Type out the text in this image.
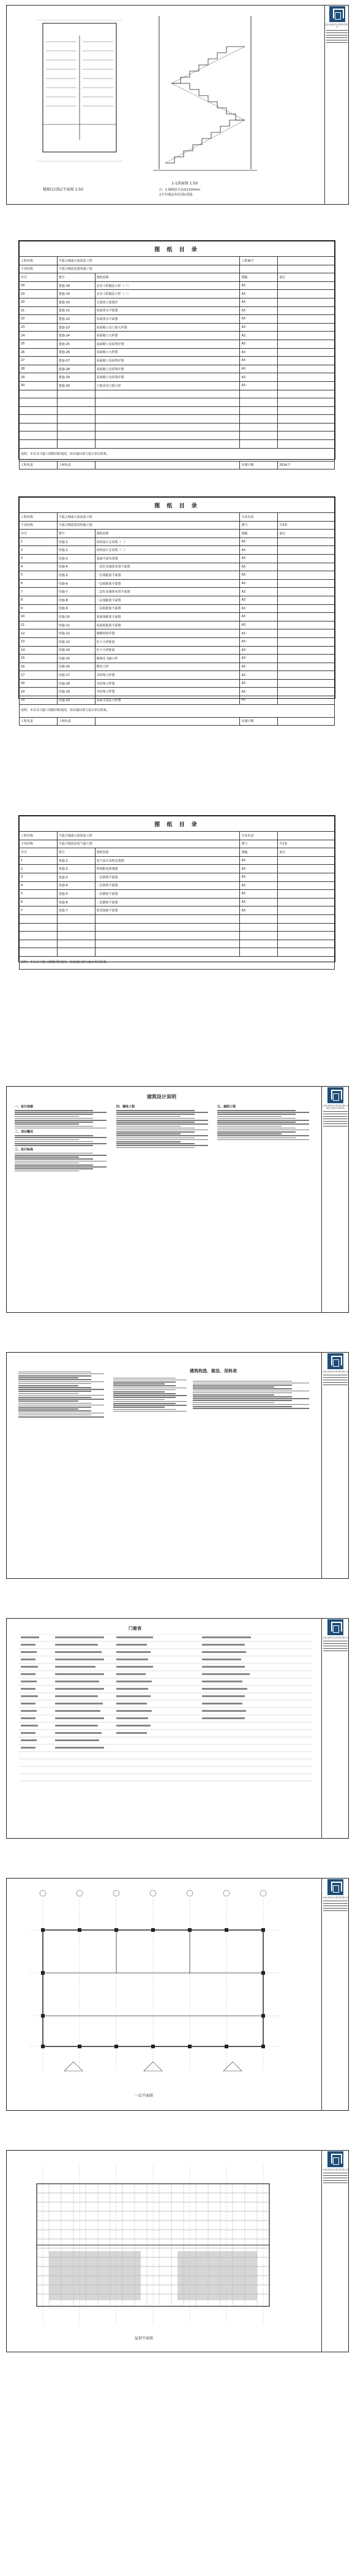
楼梯(1)顶层平面图 1:50
1-1剖面图 1:50
注：1.楼梯扶手高度1100mm
2.栏杆做法参见国标图集
山西古建筑设计研究院有限公司
图 纸 目 录				
工程名称	平遥古城南大街改造工程		工程编号	
子项名称	平遥古城改造建筑施工图			
序号	图号	图纸名称	图幅	备注
18	建施-18	室外工程做法大样（一）	A3	
19	建施-19	室外工程做法大样（二）	A3	
20	建施-20	古建筑立面图详	A3	
21	建施-21	屋面排水平面图	A3	
22	建施-22	屋面排水平面图	A3	
23	建施-23	屋面檐口及门窗大样图	A3	
24	建施-24	屋面檐口大样图	A3	
25	建施-25	屋面檐口及屋脊详图	A3	
26	建施-26	屋面檐口大样图	A3	
27	建施-27	屋面檐口及屋脊详图	A3	
28	建施-28	屋面檐口及屋脊详图	A3	
29	建施-29	屋面檐口及屋脊详图	A3	
30	建施-30	门窗表及门窗大样	A3	

说明：本目录与施工图纸同时使用，如有疑问请与设计单位联系。				
工程负责	工种负责		出图日期	2014.7
图 纸 目 录				
工程名称	平遥古城南大街改造工程		专业负责	
子项名称	平遥古城改造结构施工图		图号	共3张
序号	图号	图纸名称	图幅	备注
1	结施-1	结构设计总说明（一）	A3	
2	结施-2	结构设计总说明（二）	A3	
3	结施-3	基础平面布置图	A3	
4	结施-4	一层柱及墙体布置平面图	A3	
5	结施-5	一层梁配筋平面图	A3	
6	结施-6	一层板配筋平面图	A3	
7	结施-7	二层柱及墙体布置平面图	A3	
8	结施-8	二层梁配筋平面图	A3	
9	结施-9	二层板配筋平面图	A3	
10	结施-10	屋面梁配筋平面图	A3	
11	结施-11	屋面板配筋平面图	A3	
12	结施-12	楼梯结构详图	A3	
13	结施-13	柱子大样配筋	A3	
14	结施-14	柱子大样配筋	A3	
15	结施-15	檐椽及飞椽大样	A3	
16	结施-16	檐枋大样	A3	
17	结施-17	木构架大样图	A3	
18	结施-18	木构架大样图	A3	
19	结施-19	木构架大样图	A3	
20	结施-20	屋面木基层大样图	A3	
说明：本目录与施工图纸同时使用，如有疑问请与设计单位联系。				
工程负责	工种负责		出图日期	
图 纸 目 录				
工程名称	平遥古城南大街改造工程		专业负责	
子项名称	平遥古城改造电气施工图		图号	共1张
序号	图号	图纸名称	图幅	备注
1	电施-1	电气设计说明及图例	A3	
2	电施-2	照明配电系统图	A3	
3	电施-3	一层照明平面图	A3	
4	电施-4	二层照明平面图	A3	
5	电施-5	一层插座平面图	A3	
6	电施-6	二层插座平面图	A3	
7	电施-7	防雷接地平面图	A3	

说明：本目录与施工图纸同时使用，如有疑问请与设计单位联系。				
建筑设计说明
一、设计依据
二、项目概况
三、设计标高
四、墙体工程	五、屋面工程	山西古建筑设计研究院有限公司
建筑工程设计甲级资质
建筑构造、做法、用料表	山西古建筑设计研究院有限公司
门窗表
山西古建筑设计研究院有限公司
一层平面图
山西古建筑设计研究院有限公司
屋顶平面图
山西古建筑设计研究院有限公司
